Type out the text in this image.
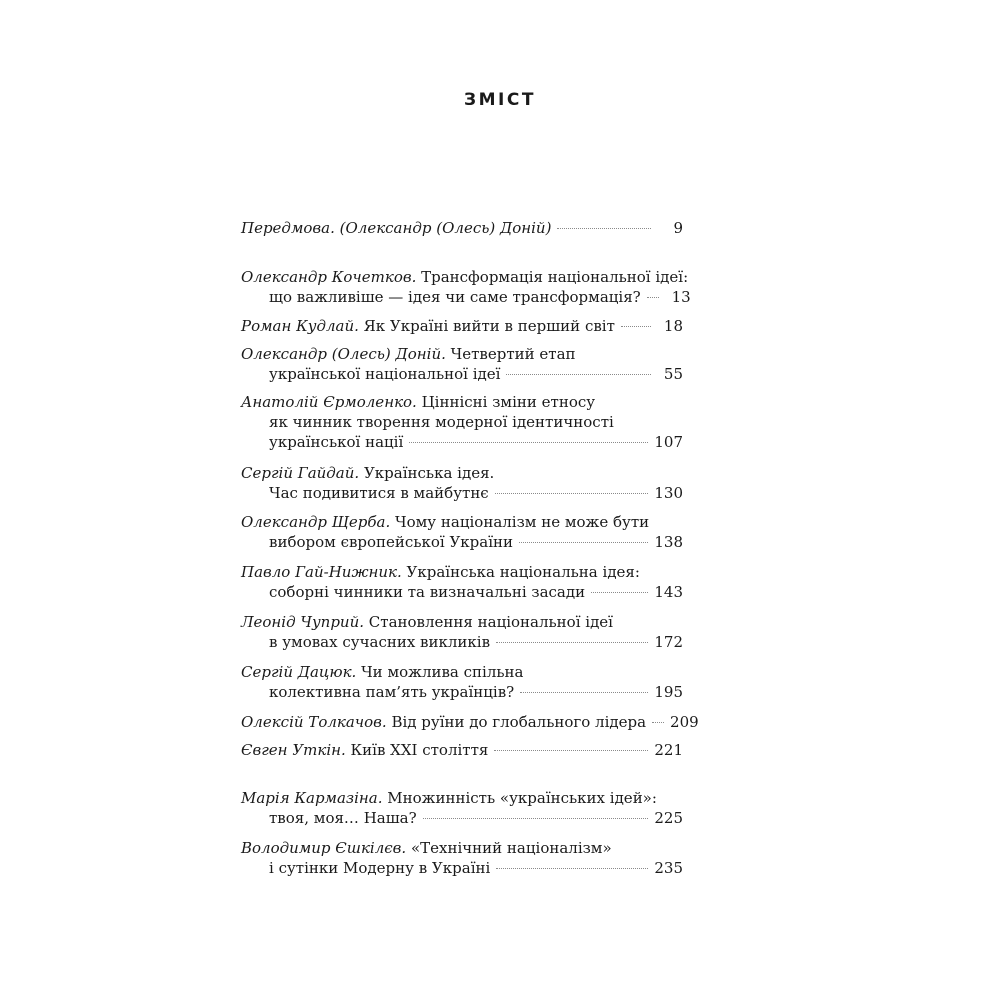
ЗМІСТ
Передмова. (Олександр (Олесь) Доній)	9
Олександр Кочетков. Трансформація національної ідеї:
що важливіше — ідея чи саме трансформація?	13
Роман Кудлай. Як Україні вийти в перший світ	18
Олександр (Олесь) Доній. Четвертий етап
української національної ідеї	55
Анатолій Єрмоленко. Ціннісні зміни етносу
як чинник творення модерної ідентичності
української нації	107
Сергій Гайдай. Українська ідея.
Час подивитися в майбутнє	130
Олександр Щерба. Чому націоналізм не може бути
вибором європейської України	138
Павло Гай-Нижник. Українська національна ідея:
соборні чинники та визначальні засади	143
Леонід Чуприй. Становлення національної ідеї
в умовах сучасних викликів	172
Сергій Дацюк. Чи можлива спільна
колективна пам’ять українців?	195
Олексій Толкачов. Від руїни до глобального лідера 209
Євген Уткін. Київ XXI століття	221
Марія Кармазіна. Множинність «українських ідей»:
твоя, моя… Наша?	225
Володимир Єшкілєв. «Технічний націоналізм»
і сутінки Модерну в Україні	235
